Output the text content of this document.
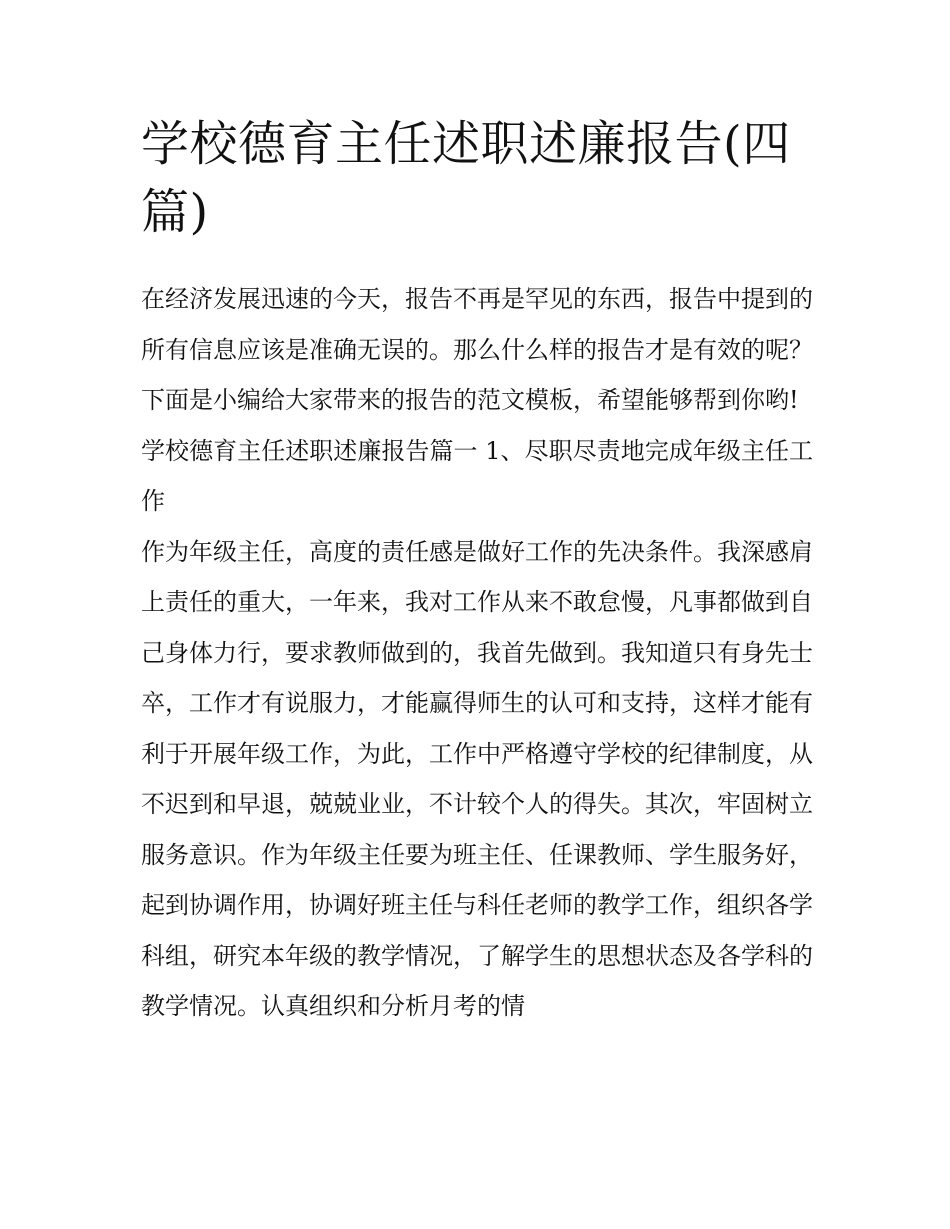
学校德育主任述职述廉报告(四篇)

在经济发展迅速的今天，报告不再是罕见的东西，报告中提到的所有信息应该是准确无误的。那么什么样的报告才是有效的呢？下面是小编给大家带来的报告的范文模板，希望能够帮到你哟!

学校德育主任述职述廉报告篇一 1、尽职尽责地完成年级主任工作

作为年级主任，高度的责任感是做好工作的先决条件。我深感肩上责任的重大，一年来，我对工作从来不敢怠慢，凡事都做到自己身体力行，要求教师做到的，我首先做到。我知道只有身先士卒，工作才有说服力，才能赢得师生的认可和支持，这样才能有利于开展年级工作，为此，工作中严格遵守学校的纪律制度，从不迟到和早退，兢兢业业，不计较个人的得失。其次，牢固树立服务意识。作为年级主任要为班主任、任课教师、学生服务好，起到协调作用，协调好班主任与科任老师的教学工作，组织各学科组，研究本年级的教学情况，了解学生的思想状态及各学科的教学情况。认真组织和分析月考的情
